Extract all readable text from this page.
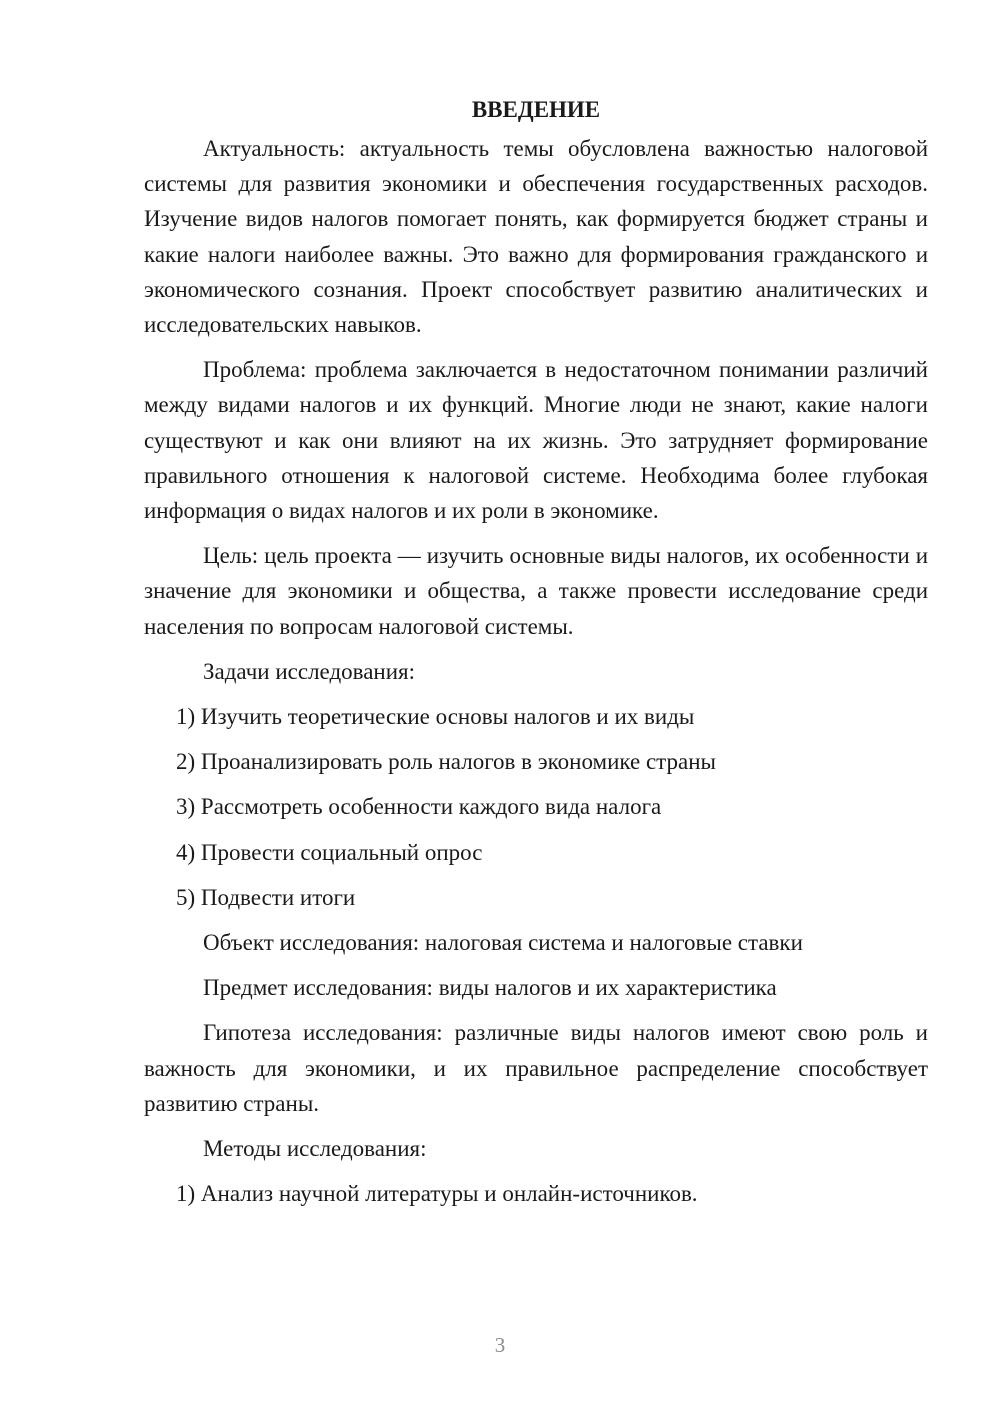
ВВЕДЕНИЕ

Актуальность: актуальность темы обусловлена важностью налоговой системы для развития экономики и обеспечения государственных расходов. Изучение видов налогов помогает понять, как формируется бюджет страны и какие налоги наиболее важны. Это важно для формирования гражданского и экономического сознания. Проект способствует развитию аналитических и исследовательских навыков.

Проблема: проблема заключается в недостаточном понимании различий между видами налогов и их функций. Многие люди не знают, какие налоги существуют и как они влияют на их жизнь. Это затрудняет формирование правильного отношения к налоговой системе. Необходима более глубокая информация о видах налогов и их роли в экономике.

Цель: цель проекта — изучить основные виды налогов, их особенности и значение для экономики и общества, а также провести исследование среди населения по вопросам налоговой системы.

Задачи исследования:
1) Изучить теоретические основы налогов и их виды
2) Проанализировать роль налогов в экономике страны
3) Рассмотреть особенности каждого вида налога
4) Провести социальный опрос
5) Подвести итоги
Объект исследования: налоговая система и налоговые ставки
Предмет исследования: виды налогов и их характеристика

Гипотеза исследования: различные виды налогов имеют свою роль и важность для экономики, и их правильное распределение способствует развитию страны.

Методы исследования:
1) Анализ научной литературы и онлайн-источников.
3
